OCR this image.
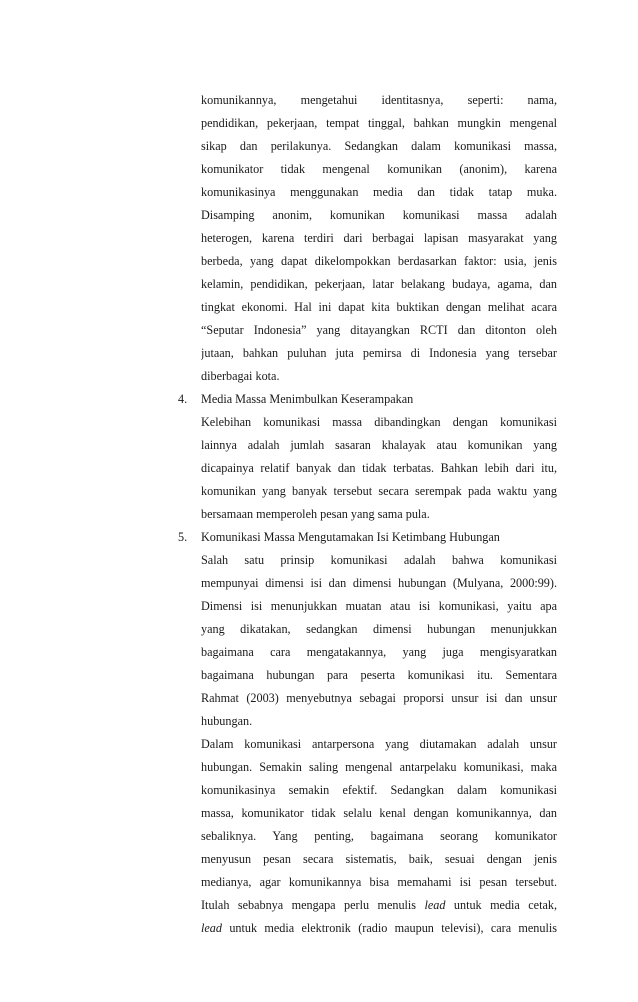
komunikannya, mengetahui identitasnya, seperti: nama,
pendidikan, pekerjaan, tempat tinggal, bahkan mungkin mengenal
sikap dan perilakunya. Sedangkan dalam komunikasi massa,
komunikator tidak mengenal komunikan (anonim), karena
komunikasinya menggunakan media dan tidak tatap muka.
Disamping anonim, komunikan komunikasi massa adalah
heterogen, karena terdiri dari berbagai lapisan masyarakat yang
berbeda, yang dapat dikelompokkan berdasarkan faktor: usia, jenis
kelamin, pendidikan, pekerjaan, latar belakang budaya, agama, dan
tingkat ekonomi. Hal ini dapat kita buktikan dengan melihat acara
“Seputar Indonesia” yang ditayangkan RCTI dan ditonton oleh
jutaan, bahkan puluhan juta pemirsa di Indonesia yang tersebar
diberbagai kota.
4. Media Massa Menimbulkan Keserampakan
Kelebihan komunikasi massa dibandingkan dengan komunikasi
lainnya adalah jumlah sasaran khalayak atau komunikan yang
dicapainya relatif banyak dan tidak terbatas. Bahkan lebih dari itu,
komunikan yang banyak tersebut secara serempak pada waktu yang
bersamaan memperoleh pesan yang sama pula.
5. Komunikasi Massa Mengutamakan Isi Ketimbang Hubungan
Salah satu prinsip komunikasi adalah bahwa komunikasi
mempunyai dimensi isi dan dimensi hubungan (Mulyana, 2000:99).
Dimensi isi menunjukkan muatan atau isi komunikasi, yaitu apa
yang dikatakan, sedangkan dimensi hubungan menunjukkan
bagaimana cara mengatakannya, yang juga mengisyaratkan
bagaimana hubungan para peserta komunikasi itu. Sementara
Rahmat (2003) menyebutnya sebagai proporsi unsur isi dan unsur
hubungan.
Dalam komunikasi antarpersona yang diutamakan adalah unsur
hubungan. Semakin saling mengenal antarpelaku komunikasi, maka
komunikasinya semakin efektif. Sedangkan dalam komunikasi
massa, komunikator tidak selalu kenal dengan komunikannya, dan
sebaliknya. Yang penting, bagaimana seorang komunikator
menyusun pesan secara sistematis, baik, sesuai dengan jenis
medianya, agar komunikannya bisa memahami isi pesan tersebut.
Itulah sebabnya mengapa perlu menulis lead untuk media cetak,
lead untuk media elektronik (radio maupun televisi), cara menulis
